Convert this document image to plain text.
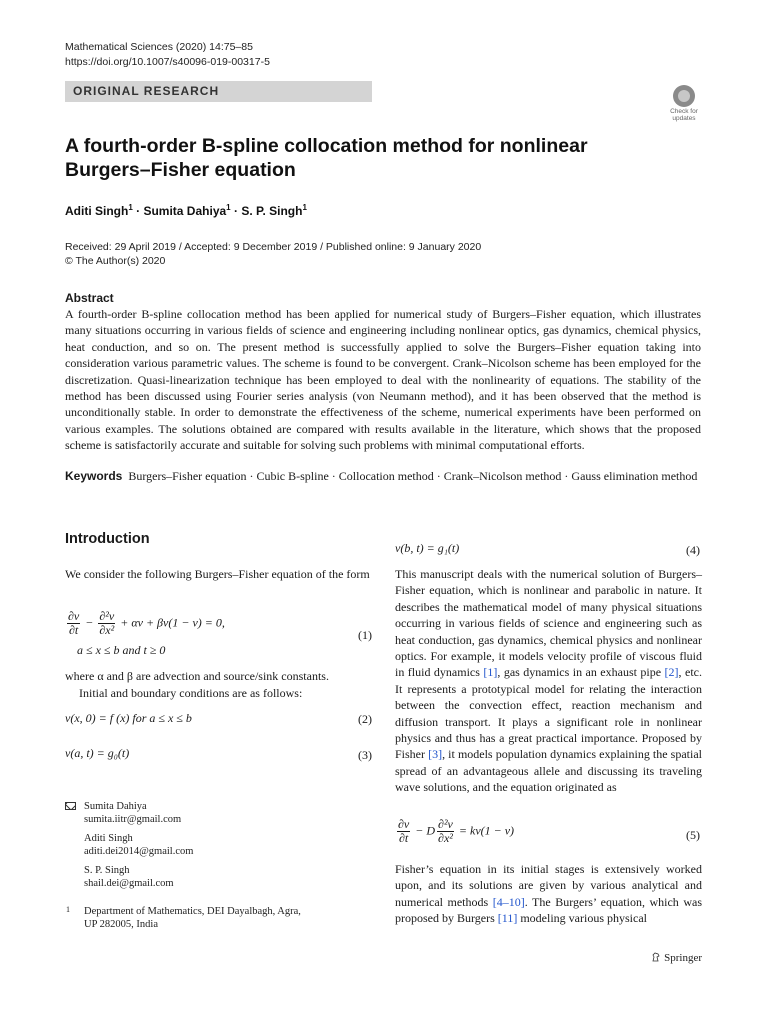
Mathematical Sciences (2020) 14:75–85
https://doi.org/10.1007/s40096-019-00317-5
ORIGINAL RESEARCH
Check for updates
A fourth-order B-spline collocation method for nonlinear Burgers–Fisher equation
Aditi Singh$^1$ · Sumita Dahiya$^1$ · S. P. Singh$^1$
Received: 29 April 2019 / Accepted: 9 December 2019 / Published online: 9 January 2020
© The Author(s) 2020
Abstract
A fourth-order B-spline collocation method has been applied for numerical study of Burgers–Fisher equation, which illustrates many situations occurring in various fields of science and engineering including nonlinear optics, gas dynamics, chemical physics, heat conduction, and so on. The present method is successfully applied to solve the Burgers–Fisher equation taking into consideration various parametric values. The scheme is found to be convergent. Crank–Nicolson scheme has been employed for the discretization. Quasi-linearization technique has been employed to deal with the nonlinearity of equations. The stability of the method has been discussed using Fourier series analysis (von Neumann method), and it has been observed that the method is unconditionally stable. In order to demonstrate the effectiveness of the scheme, numerical experiments have been performed on various examples. The solutions obtained are compared with results available in the literature, which shows that the proposed scheme is satisfactorily accurate and suitable for solving such problems with minimal computational efforts.
Keywords Burgers–Fisher equation · Cubic B-spline · Collocation method · Crank–Nicolson method · Gauss elimination method
Introduction
We consider the following Burgers–Fisher equation of the form
$\frac{\partial v}{\partial t} - \frac{\text{∂²v}}{\text{∂x²}} + \alpha v + \beta v(1 - v) = 0$,
a ≤ x ≤ b and t ≥ 0
(1)
where α and β are advection and source/sink constants.
Initial and boundary conditions are as follows:
v(x, 0) = f (x) for a ≤ x ≤ b	(2)
v(a, t) = g₀(t)	(3)
Sumita Dahiya
sumita.iitr@gmail.com
Aditi Singh
aditi.dei2014@gmail.com
S. P. Singh
shail.dei@gmail.com
1 Department of Mathematics, DEI Dayalbagh, Agra,
UP 282005, India
v(b, t) = g₁(t)	(4)
This manuscript deals with the numerical solution of Burgers–Fisher equation, which is nonlinear and parabolic in nature. It describes the mathematical model of many physical situations occurring in various fields of science and engineering such as heat conduction, gas dynamics, chemical physics and nonlinear optics. For example, it models velocity profile of viscous fluid in fluid dynamics [1], gas dynamics in an exhaust pipe [2], etc. It represents a prototypical model for relating the interaction between the convection effect, reaction mechanism and diffusion transport. It plays a significant role in nonlinear physics and thus has a great practical importance. Proposed by Fisher [3], it models population dynamics explaining the spatial spread of an advantageous allele and discussing its traveling wave solutions, and the equation originated as
$\frac{\partial v}{\partial t} - D \frac{\text{∂²v}}{\text{∂x²}} = kv(1 - v)$	(5)
Fisher’s equation in its initial stages is extensively worked upon, and its solutions are given by various analytical and numerical methods [4–10]. The Burgers’ equation, which was proposed by Burgers [11] modeling various physical
Springer
